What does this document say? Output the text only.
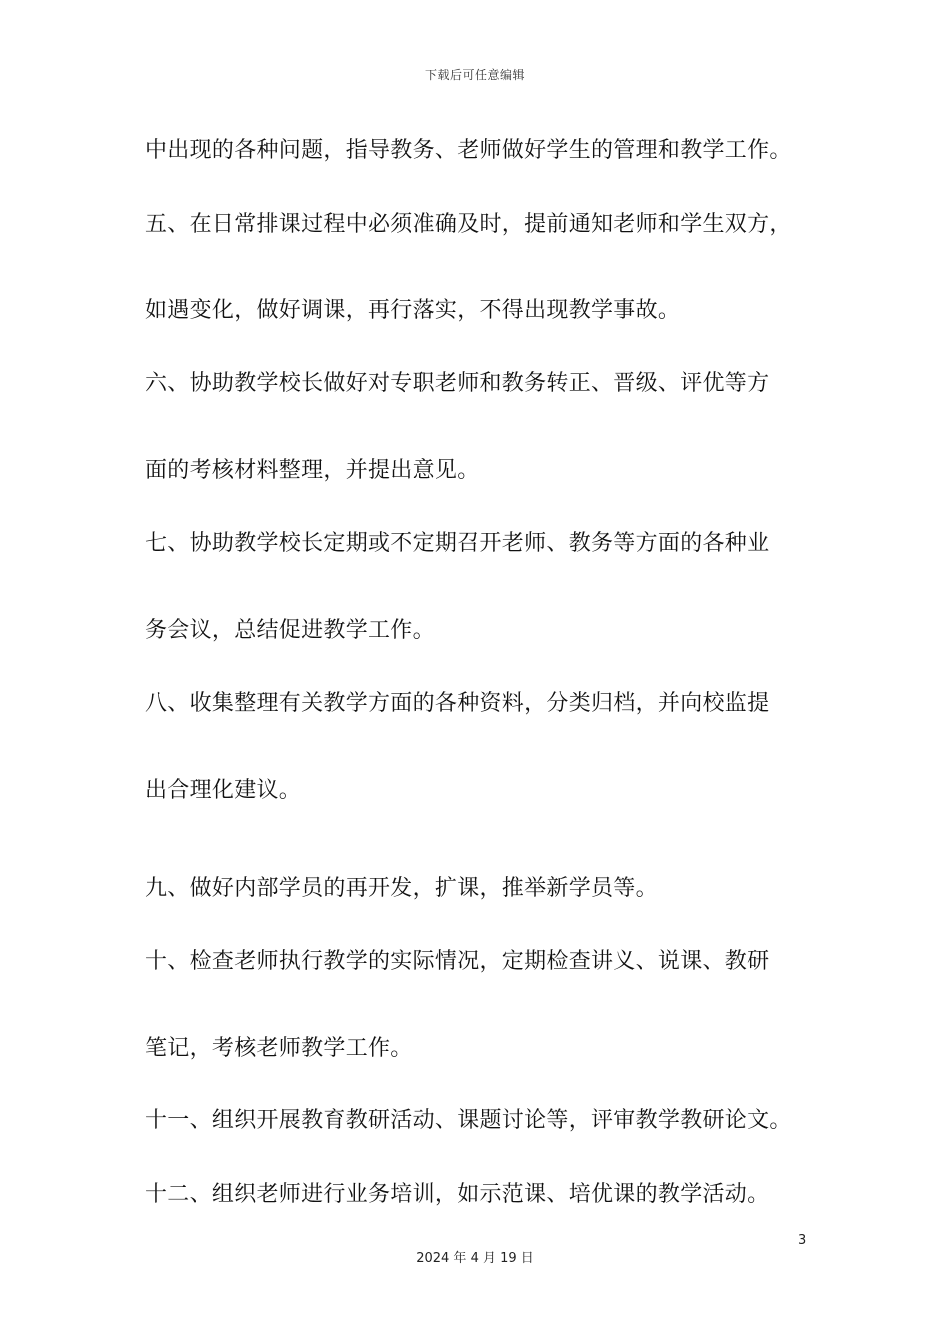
下载后可任意编辑
中出现的各种问题，指导教务、老师做好学生的管理和教学工作。
五、在日常排课过程中必须准确及时，提前通知老师和学生双方，
如遇变化，做好调课，再行落实，不得出现教学事故。
六、协助教学校长做好对专职老师和教务转正、晋级、评优等方
面的考核材料整理，并提出意见。
七、协助教学校长定期或不定期召开老师、教务等方面的各种业
务会议，总结促进教学工作。
八、收集整理有关教学方面的各种资料，分类归档，并向校监提
出合理化建议。
九、做好内部学员的再开发，扩课，推举新学员等。
十、检查老师执行教学的实际情况，定期检查讲义、说课、教研
笔记，考核老师教学工作。
十一、组织开展教育教研活动、课题讨论等，评审教学教研论文。
十二、组织老师进行业务培训，如示范课、培优课的教学活动。
3
2024 年 4 月 19 日
